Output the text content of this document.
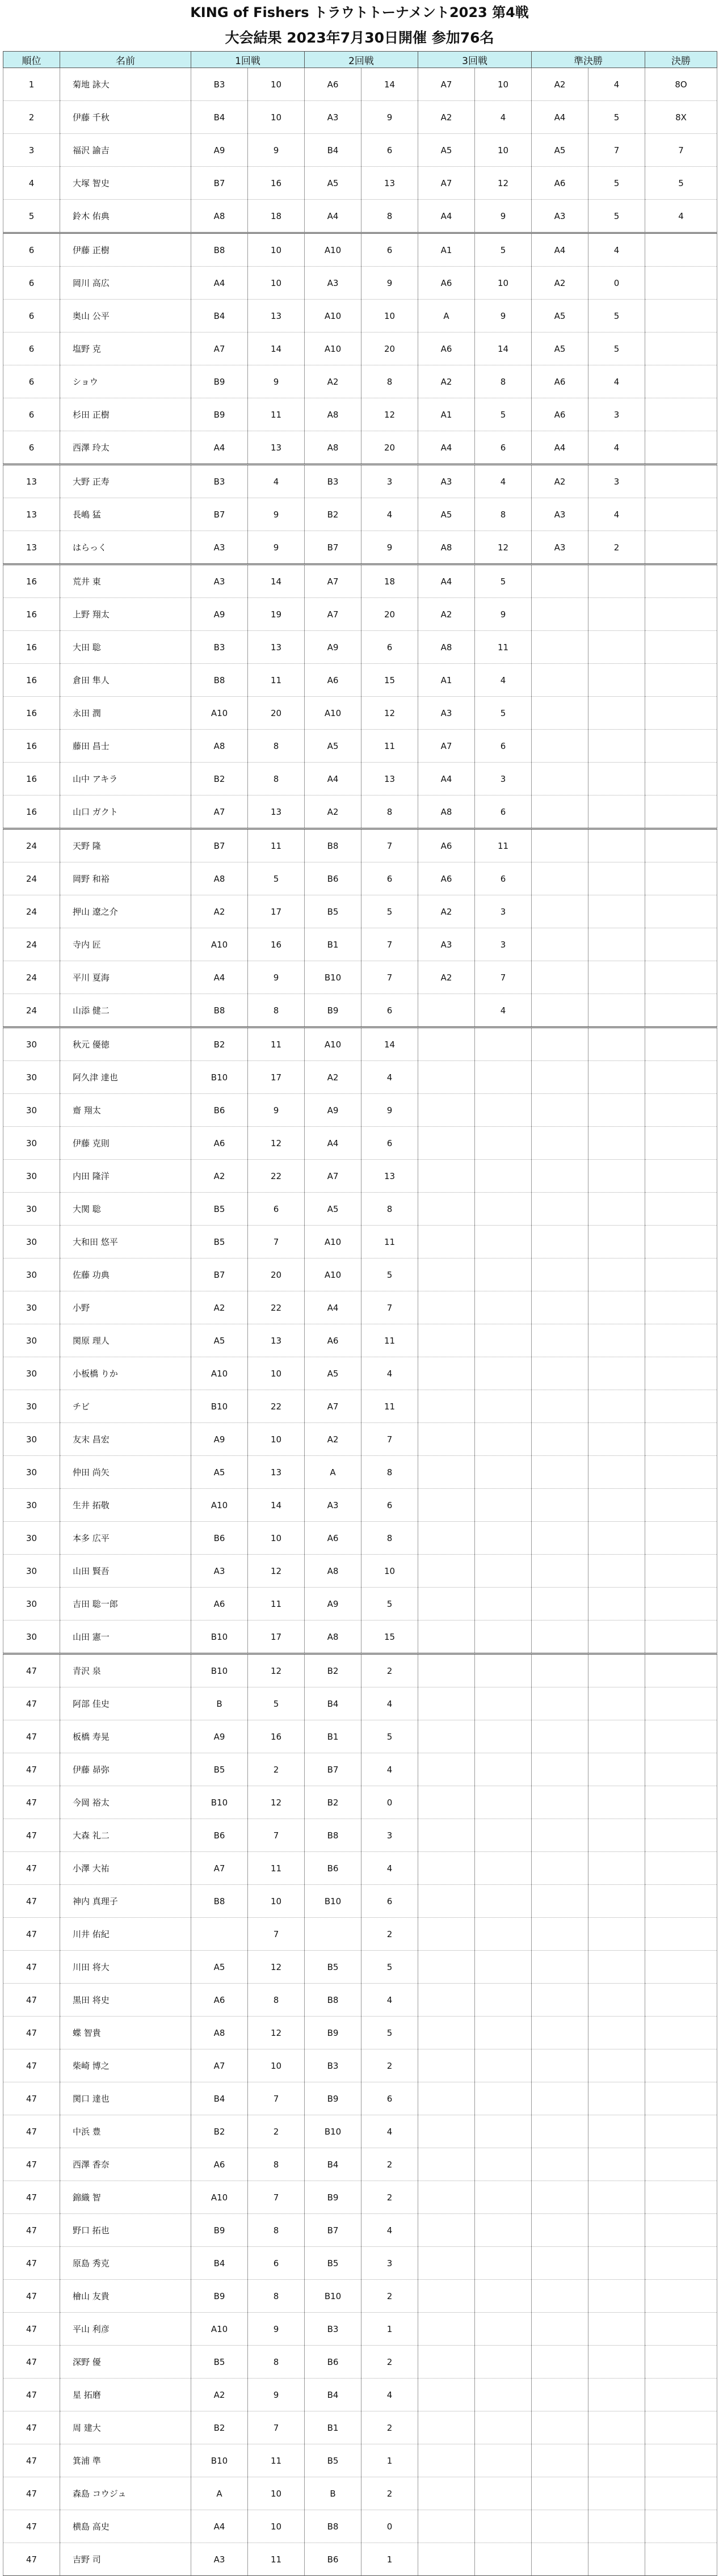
KING of Fishers トラウトトーナメント2023 第4戦
大会結果 2023年7月30日開催 参加76名
順位	名前	1回戦		2回戦		3回戦		準決勝		決勝
1	菊地 詠大	B3	10	A6	14	A7	10	A2	4	8O
2	伊藤 千秋	B4	10	A3	9	A2	4	A4	5	8X
3	福沢 諭吉	A9	9	B4	6	A5	10	A5	7	7
4	大塚 智史	B7	16	A5	13	A7	12	A6	5	5
5	鈴木 佑典	A8	18	A4	8	A4	9	A3	5	4
6	伊藤 正樹	B8	10	A10	6	A1	5	A4	4	
6	岡川 高広	A4	10	A3	9	A6	10	A2	0	
6	奥山 公平	B4	13	A10	10	A	9	A5	5	
6	塩野 克	A7	14	A10	20	A6	14	A5	5	
6	ショウ	B9	9	A2	8	A2	8	A6	4	
6	杉田 正樹	B9	11	A8	12	A1	5	A6	3	
6	西澤 玲太	A4	13	A8	20	A4	6	A4	4	
13	大野 正寿	B3	4	B3	3	A3	4	A2	3	
13	長嶋 猛	B7	9	B2	4	A5	8	A3	4	
13	はらっく	A3	9	B7	9	A8	12	A3	2	
16	荒井 東	A3	14	A7	18	A4	5			
16	上野 翔太	A9	19	A7	20	A2	9			
16	大田 聡	B3	13	A9	6	A8	11			
16	倉田 隼人	B8	11	A6	15	A1	4			
16	永田 潤	A10	20	A10	12	A3	5			
16	藤田 昌士	A8	8	A5	11	A7	6			
16	山中 アキラ	B2	8	A4	13	A4	3			
16	山口 ガクト	A7	13	A2	8	A8	6			
24	天野 隆	B7	11	B8	7	A6	11			
24	岡野 和裕	A8	5	B6	6	A6	6			
24	押山 遼之介	A2	17	B5	5	A2	3			
24	寺内 匠	A10	16	B1	7	A3	3			
24	平川 夏海	A4	9	B10	7	A2	7			
24	山添 健二	B8	8	B9	6		4			
30	秋元 優徳	B2	11	A10	14					
30	阿久津 達也	B10	17	A2	4					
30	齋 翔太	B6	9	A9	9					
30	伊藤 克則	A6	12	A4	6					
30	内田 隆洋	A2	22	A7	13					
30	大関 聡	B5	6	A5	8					
30	大和田 悠平	B5	7	A10	11					
30	佐藤 功典	B7	20	A10	5					
30	小野	A2	22	A4	7					
30	関原 理人	A5	13	A6	11					
30	小板橋 りか	A10	10	A5	4					
30	チビ	B10	22	A7	11					
30	友末 昌宏	A9	10	A2	7					
30	仲田 尚矢	A5	13	A	8					
30	生井 拓敬	A10	14	A3	6					
30	本多 広平	B6	10	A6	8					
30	山田 賢吾	A3	12	A8	10					
30	吉田 聡一郎	A6	11	A9	5					
30	山田 憲一	B10	17	A8	15					
47	青沢 泉	B10	12	B2	2					
47	阿部 佳史	B	5	B4	4					
47	板橋 寿晃	A9	16	B1	5					
47	伊藤 昴弥	B5	2	B7	4					
47	今岡 裕太	B10	12	B2	0					
47	大森 礼二	B6	7	B8	3					
47	小澤 大祐	A7	11	B6	4					
47	神内 真理子	B8	10	B10	6					
47	川井 佑紀		7		2					
47	川田 将大	A5	12	B5	5					
47	黒田 将史	A6	8	B8	4					
47	蝶 智貴	A8	12	B9	5					
47	柴崎 博之	A7	10	B3	2					
47	関口 達也	B4	7	B9	6					
47	中浜 豊	B2	2	B10	4					
47	西澤 香奈	A6	8	B4	2					
47	錦織 智	A10	7	B9	2					
47	野口 拓也	B9	8	B7	4					
47	原島 秀克	B4	6	B5	3					
47	檜山 友貴	B9	8	B10	2					
47	平山 利彦	A10	9	B3	1					
47	深野 優	B5	8	B6	2					
47	星 拓磨	A2	9	B4	4					
47	周 建大	B2	7	B1	2					
47	箕浦 準	B10	11	B5	1					
47	森島 コウジュ	A	10	B	2					
47	横島 高史	A4	10	B8	0					
47	吉野 司	A3	11	B6	1					
